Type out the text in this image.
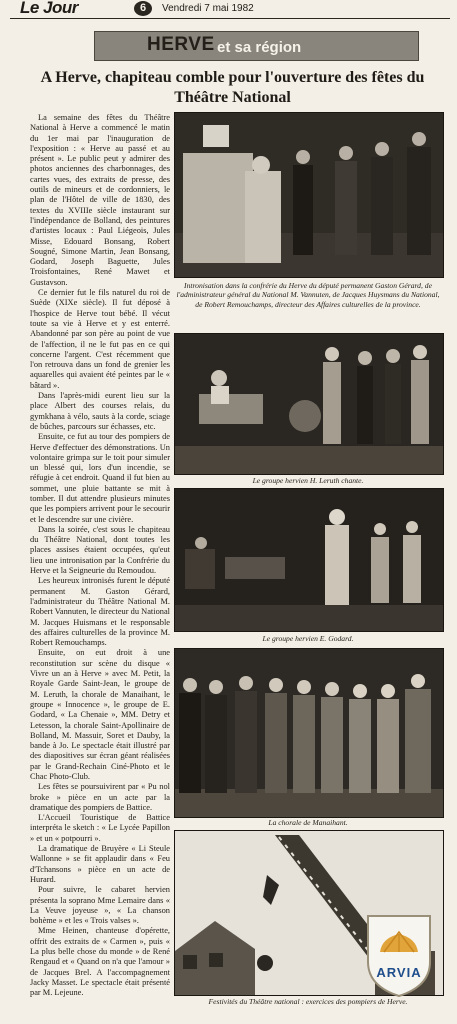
Le Jour	6	Vendredi 7 mai 1982
HERVE et sa région
A Herve, chapiteau comble pour l'ouverture des fêtes du Théâtre National

La semaine des fêtes du Théâtre National à Herve a commencé le matin du 1er mai par l'inauguration de l'exposition : « Herve au passé et au présent ». Le public peut y admirer des photos anciennes des charbonnages, des cartes vues, des extraits de presse, des outils de mineurs et de cordonniers, le plan de l'Hôtel de ville de 1830, des textes du XVIIIe siècle instaurant sur l'indépendance de Bolland, des peintures d'artistes locaux : Paul Liégeois, Jules Misse, Edouard Bonsang, Robert Sougné, Simone Martin, Jean Bonsang, Godard, Joseph Baguette, Jules Troisfontaines, René Mawet et Gustavson.

Ce dernier fut le fils naturel du roi de Suède (XIXe siècle). Il fut déposé à l'hospice de Herve tout bébé. Il vécut toute sa vie à Herve et y est enterré. Abandonné par son père au point de vue de l'affection, il ne le fut pas en ce qui concerne l'argent. C'est récemment que l'on retrouva dans un fond de grenier les aquarelles qui avaient été peintes par le « bâtard ».

Dans l'après-midi eurent lieu sur la place Albert des courses relais, du gymkhana à vélo, sauts à la corde, sciage de bûches, parcours sur échasses, etc.

Ensuite, ce fut au tour des pompiers de Herve d'effectuer des démonstrations. Un volontaire grimpa sur le toit pour simuler un blessé qui, lors d'un incendie, se réfugie à cet endroit. Quand il fut bien au sommet, une pluie battante se mit à tomber. Il dut attendre plusieurs minutes que les pompiers arrivent pour le secourir et le descendre sur une civière.

Dans la soirée, c'est sous le chapiteau du Théâtre National, dont toutes les places assises étaient occupées, qu'eut lieu une intronisation par la Confrérie du Herve et la Seigneurie du Remoudou.

Les heureux intronisés furent le député permanent M. Gaston Gérard, l'administrateur du Théâtre National M. Robert Vannuten, le directeur du National M. Jacques Huismans et le responsable des affaires culturelles de la province M. Robert Remouchamps.

Ensuite, on eut droit à une reconstitution sur scène du disque « Vivre un an à Herve » avec M. Petit, la Royale Garde Saint-Jean, le groupe de M. Leruth, la chorale de Manaihant, le groupe « Innocence », le groupe de E. Godard, « La Chenaie », MM. Detry et Letesson, la chorale Saint-Apollinaire de Bolland, M. Massuir, Soret et Dauby, la bande à Jo. Le spectacle était illustré par des diapositives sur écran géant réalisées par le Grand-Rechain Ciné-Photo et le Chac Photo-Club.

Les fêtes se poursuivirent par « Pu nol broke » pièce en un acte par la dramatique des pompiers de Battice.

L'Accueil Touristique de Battice interpréta le sketch : « Le Lycée Papillon » et un « potpourri ».

La dramatique de Bruyère « Li Steule Wallonne » se fit applaudir dans « Feu d'Tchansons » pièce en un acte de Hurard.

Pour suivre, le cabaret hervien présenta la soprano Mme Lemaire dans « La Veuve joyeuse », « La chanson bohème » et les « Trois valses ».

Mme Heinen, chanteuse d'opérette, offrit des extraits de « Carmen », puis « La plus belle chose du monde » de René Rengaud et « Quand on n'a que l'amour » de Jacques Brel. A l'accompagnement Jacky Masset. Le spectacle était présenté par M. Lejeune.

Intronisation dans la confrérie du Herve du député permanent Gaston Gérard, de l'administrateur général du National M. Vannuten, de Jacques Huysmans du National, de Robert Remouchamps, directeur des Affaires culturelles de la province.
Le groupe hervien H. Leruth chante.
Le groupe hervien E. Godard.
La chorale de Manaihant.
Festivités du Théâtre national : exercices des pompiers de Herve.
ARVIA
